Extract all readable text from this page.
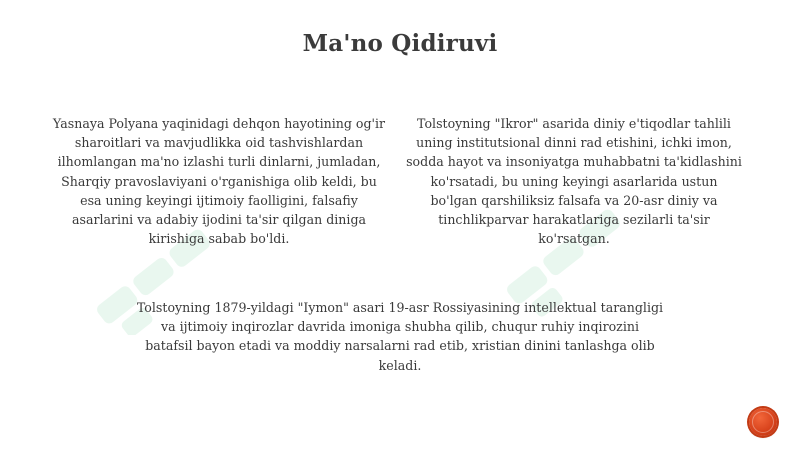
Ma'no Qidiruvi
Yasnaya Polyana yaqinidagi dehqon hayotining og'ir sharoitlari va mavjudlikka oid tashvishlardan ilhomlangan ma'no izlashi turli dinlarni, jumladan, Sharqiy pravoslaviyani o'rganishiga olib keldi, bu esa uning keyingi ijtimoiy faolligini, falsafiy asarlarini va adabiy ijodini ta'sir qilgan diniga kirishiga sabab bo'ldi.
Tolstoyning "Ikror" asarida diniy e'tiqodlar tahlili uning institutsional dinni rad etishini, ichki imon, sodda hayot va insoniyatga muhabbatni ta'kidlashini ko'rsatadi, bu uning keyingi asarlarida ustun bo'lgan qarshiliksiz falsafa va 20-asr diniy va tinchlikparvar harakatlariga sezilarli ta'sir ko'rsatgan.
Tolstoyning 1879-yildagi "Iymon" asari 19-asr Rossiyasining intellektual tarangligi va ijtimoiy inqirozlar davrida imoniga shubha qilib, chuqur ruhiy inqirozini batafsil bayon etadi va moddiy narsalarni rad etib, xristian dinini tanlashga olib keladi.
